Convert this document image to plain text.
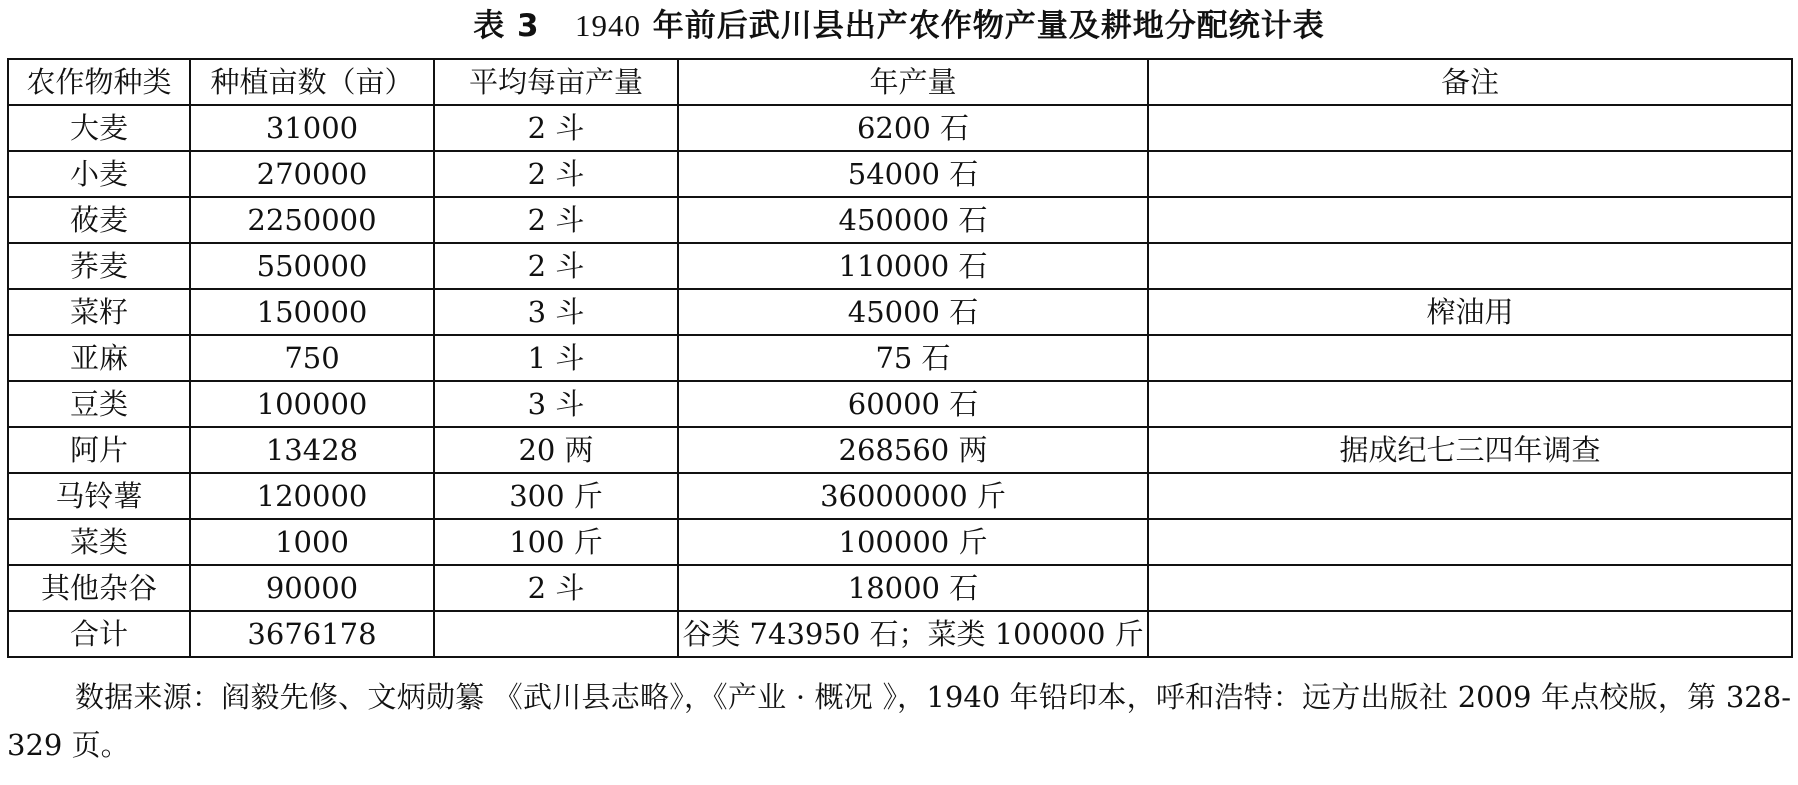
表 3 1940 年前后武川县出产农作物产量及耕地分配统计表
农作物种类	种植亩数（亩）	平均每亩产量	年产量	备注
大麦	31000	2 斗	6200 石	
小麦	270000	2 斗	54000 石	
莜麦	2250000	2 斗	450000 石	
荞麦	550000	2 斗	110000 石	
菜籽	150000	3 斗	45000 石	榨油用
亚麻	750	1 斗	75 石	
豆类	100000	3 斗	60000 石	
阿片	13428	20 两	268560 两	据成纪七三四年调查
马铃薯	120000	300 斤	36000000 斤	
菜类	1000	100 斤	100000 斤	
其他杂谷	90000	2 斗	18000 石	
合计	3676178		谷类 743950 石；菜类 100000 斤	
数据来源：阎毅先修、文炳勋纂 《武川县志略》，《产业 · 概况 》，1940 年铅印本，呼和浩特：远方出版社 2009 年点校版，第 328-329 页。
